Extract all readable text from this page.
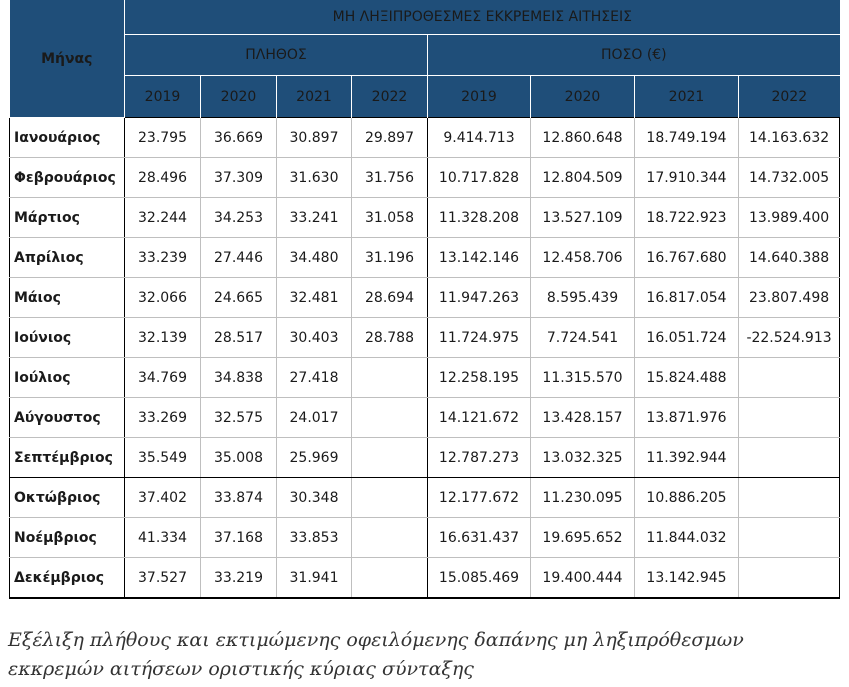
Μήνας	ΜΗ ΛΗΞΙΠΡΟΘΕΣΜΕΣ ΕΚΚΡΕΜΕΙΣ ΑΙΤΗΣΕΙΣ							
	ΠΛΗΘΟΣ				ΠΟΣΟ (€)			
	2019	2020	2021	2022	2019	2020	2021	2022
Ιανουάριος	23.795	36.669	30.897	29.897	9.414.713	12.860.648	18.749.194	14.163.632
Φεβρουάριος	28.496	37.309	31.630	31.756	10.717.828	12.804.509	17.910.344	14.732.005
Μάρτιος	32.244	34.253	33.241	31.058	11.328.208	13.527.109	18.722.923	13.989.400
Απρίλιος	33.239	27.446	34.480	31.196	13.142.146	12.458.706	16.767.680	14.640.388
Μάιος	32.066	24.665	32.481	28.694	11.947.263	8.595.439	16.817.054	23.807.498
Ιούνιος	32.139	28.517	30.403	28.788	11.724.975	7.724.541	16.051.724	-22.524.913
Ιούλιος	34.769	34.838	27.418		12.258.195	11.315.570	15.824.488	
Αύγουστος	33.269	32.575	24.017		14.121.672	13.428.157	13.871.976	
Σεπτέμβριος	35.549	35.008	25.969		12.787.273	13.032.325	11.392.944	
Οκτώβριος	37.402	33.874	30.348		12.177.672	11.230.095	10.886.205	
Νοέμβριος	41.334	37.168	33.853		16.631.437	19.695.652	11.844.032	
Δεκέμβριος	37.527	33.219	31.941		15.085.469	19.400.444	13.142.945	
Εξέλιξη πλήθους και εκτιμώμενης οφειλόμενης δαπάνης μη ληξιπρόθεσμων
εκκρεμών αιτήσεων οριστικής κύριας σύνταξης
